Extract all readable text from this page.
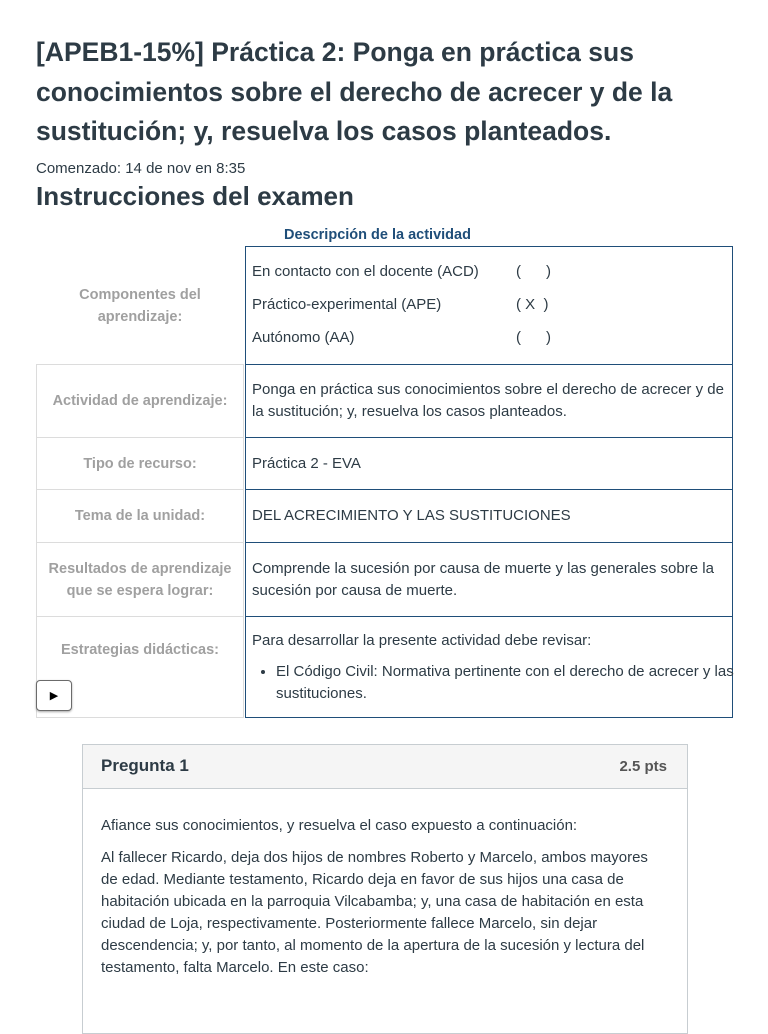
[APEB1-15%] Práctica 2: Ponga en práctica sus conocimientos sobre el derecho de acrecer y de la sustitución; y, resuelva los casos planteados.
Comenzado: 14 de nov en 8:35
Instrucciones del examen
Descripción de la actividad
Componentes del aprendizaje:
En contacto con el docente (ACD)	(      )
Práctico-experimental (APE)	( X  )
Autónomo (AA)	(      )
Actividad de aprendizaje:
Ponga en práctica sus conocimientos sobre el derecho de acrecer y de la sustitución; y, resuelva los casos planteados.
Tipo de recurso:	Práctica 2 - EVA
Tema de la unidad:	DEL ACRECIMIENTO Y LAS SUSTITUCIONES
Resultados de aprendizaje que se espera lograr:
Comprende la sucesión por causa de muerte y las generales sobre la sucesión por causa de muerte.
Estrategias didácticas:
Para desarrollar la presente actividad debe revisar:
• El Código Civil: Normativa pertinente con el derecho de acrecer y las sustituciones.
▶
Pregunta 1	2.5 pts

Afiance sus conocimientos, y resuelva el caso expuesto a continuación:

Al fallecer Ricardo, deja dos hijos de nombres Roberto y Marcelo, ambos mayores
de edad. Mediante testamento, Ricardo deja en favor de sus hijos una casa de
habitación ubicada en la parroquia Vilcabamba; y, una casa de habitación en esta
ciudad de Loja, respectivamente. Posteriormente fallece Marcelo, sin dejar
descendencia; y, por tanto, al momento de la apertura de la sucesión y lectura del
testamento, falta Marcelo. En este caso:
